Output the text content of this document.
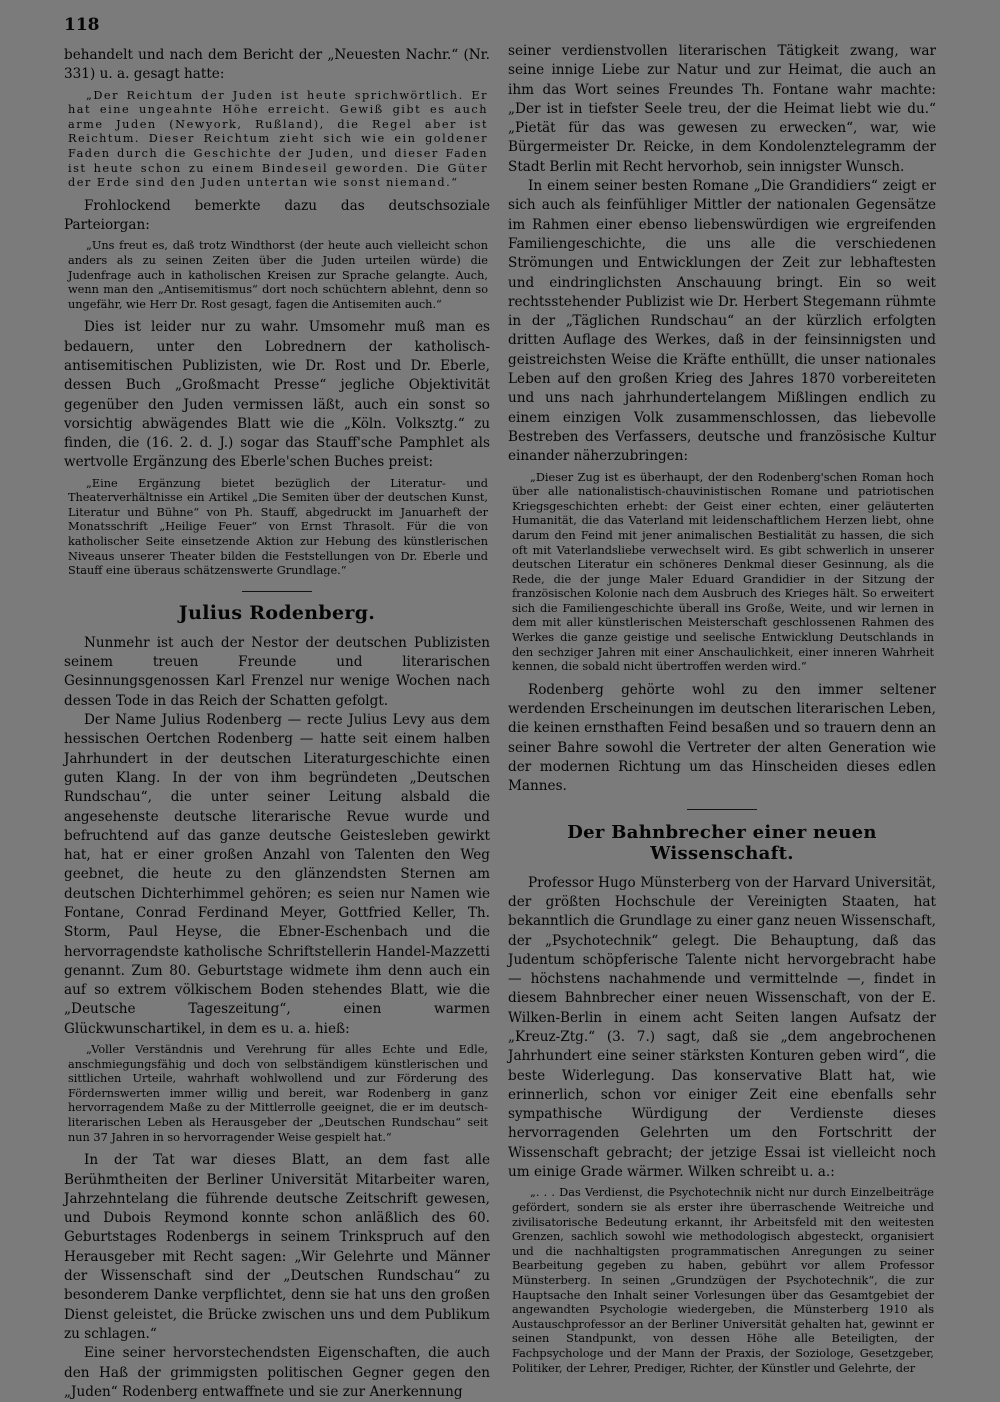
118

behandelt und nach dem Bericht der „Neuesten Nachr.“ (Nr. 331) u. a. gesagt hatte:

„Der Reichtum der Juden ist heute sprichwörtlich. Er hat eine ungeahnte Höhe erreicht. Gewiß gibt es auch arme Juden (Newyork, Rußland), die Regel aber ist Reichtum. Dieser Reichtum zieht sich wie ein goldener Faden durch die Geschichte der Juden, und dieser Faden ist heute schon zu einem Bindeseil geworden. Die Güter der Erde sind den Juden untertan wie sonst niemand.“

Frohlockend bemerkte dazu das deutschsoziale Parteiorgan:

„Uns freut es, daß trotz Windthorst (der heute auch vielleicht schon anders als zu seinen Zeiten über die Juden urteilen würde) die Judenfrage auch in katholischen Kreisen zur Sprache gelangte. Auch, wenn man den „Antisemitismus“ dort noch schüchtern ablehnt, denn so ungefähr, wie Herr Dr. Rost gesagt, fagen die Antisemiten auch.“

Dies ist leider nur zu wahr. Umsomehr muß man es bedauern, unter den Lobrednern der katholisch-antisemitischen Publizisten, wie Dr. Rost und Dr. Eberle, dessen Buch „Großmacht Presse“ jegliche Objektivität gegenüber den Juden vermissen läßt, auch ein sonst so vorsichtig abwägendes Blatt wie die „Köln. Volksztg.“ zu finden, die (16. 2. d. J.) sogar das Stauff'sche Pamphlet als wertvolle Ergänzung des Eberle'schen Buches preist:

„Eine Ergänzung bietet bezüglich der Literatur- und Theaterverhältnisse ein Artikel „Die Semiten über der deutschen Kunst, Literatur und Bühne“ von Ph. Stauff, abgedruckt im Januarheft der Monatsschrift „Heilige Feuer“ von Ernst Thrasolt. Für die von katholischer Seite einsetzende Aktion zur Hebung des künstlerischen Niveaus unserer Theater bilden die Feststellungen von Dr. Eberle und Stauff eine überaus schätzenswerte Grundlage.“

Julius Rodenberg.

Nunmehr ist auch der Nestor der deutschen Publizisten seinem treuen Freunde und literarischen Gesinnungsgenossen Karl Frenzel nur wenige Wochen nach dessen Tode in das Reich der Schatten gefolgt.

Der Name Julius Rodenberg — recte Julius Levy aus dem hessischen Oertchen Rodenberg — hatte seit einem halben Jahrhundert in der deutschen Literaturgeschichte einen guten Klang. In der von ihm begründeten „Deutschen Rundschau“, die unter seiner Leitung alsbald die angesehenste deutsche literarische Revue wurde und befruchtend auf das ganze deutsche Geistesleben gewirkt hat, hat er einer großen Anzahl von Talenten den Weg geebnet, die heute zu den glänzendsten Sternen am deutschen Dichterhimmel gehören; es seien nur Namen wie Fontane, Conrad Ferdinand Meyer, Gottfried Keller, Th. Storm, Paul Heyse, die Ebner-Eschenbach und die hervorragendste katholische Schriftstellerin Handel-Mazzetti genannt. Zum 80. Geburtstage widmete ihm denn auch ein auf so extrem völkischem Boden stehendes Blatt, wie die „Deutsche Tageszeitung“, einen warmen Glückwunschartikel, in dem es u. a. hieß:

„Voller Verständnis und Verehrung für alles Echte und Edle, anschmiegungsfähig und doch von selbständigem künstlerischen und sittlichen Urteile, wahrhaft wohlwollend und zur Förderung des Fördernswerten immer willig und bereit, war Rodenberg in ganz hervorragendem Maße zu der Mittlerrolle geeignet, die er im deutsch-literarischen Leben als Herausgeber der „Deutschen Rundschau“ seit nun 37 Jahren in so hervorragender Weise gespielt hat.“

In der Tat war dieses Blatt, an dem fast alle Berühmtheiten der Berliner Universität Mitarbeiter waren, Jahrzehntelang die führende deutsche Zeitschrift gewesen, und Dubois Reymond konnte schon anläßlich des 60. Geburtstages Rodenbergs in seinem Trinkspruch auf den Herausgeber mit Recht sagen: „Wir Gelehrte und Männer der Wissenschaft sind der „Deutschen Rundschau“ zu besonderem Danke verpflichtet, denn sie hat uns den großen Dienst geleistet, die Brücke zwischen uns und dem Publikum zu schlagen.“

Eine seiner hervorstechendsten Eigenschaften, die auch den Haß der grimmigsten politischen Gegner gegen den „Juden“ Rodenberg entwaffnete und sie zur Anerkennung

seiner verdienstvollen literarischen Tätigkeit zwang, war seine innige Liebe zur Natur und zur Heimat, die auch an ihm das Wort seines Freundes Th. Fontane wahr machte: „Der ist in tiefster Seele treu, der die Heimat liebt wie du.“ „Pietät für das was gewesen zu erwecken“, war, wie Bürgermeister Dr. Reicke, in dem Kondolenztelegramm der Stadt Berlin mit Recht hervorhob, sein innigster Wunsch.

In einem seiner besten Romane „Die Grandidiers“ zeigt er sich auch als feinfühliger Mittler der nationalen Gegensätze im Rahmen einer ebenso liebenswürdigen wie ergreifenden Familiengeschichte, die uns alle die verschiedenen Strömungen und Entwicklungen der Zeit zur lebhaftesten und eindringlichsten Anschauung bringt. Ein so weit rechtsstehender Publizist wie Dr. Herbert Stegemann rühmte in der „Täglichen Rundschau“ an der kürzlich erfolgten dritten Auflage des Werkes, daß in der feinsinnigsten und geistreichsten Weise die Kräfte enthüllt, die unser nationales Leben auf den großen Krieg des Jahres 1870 vorbereiteten und uns nach jahrhundertelangem Mißlingen endlich zu einem einzigen Volk zusammenschlossen, das liebevolle Bestreben des Verfassers, deutsche und französische Kultur einander näherzubringen:

„Dieser Zug ist es überhaupt, der den Rodenberg'schen Roman hoch über alle nationalistisch-chauvinistischen Romane und patriotischen Kriegsgeschichten erhebt: der Geist einer echten, einer geläuterten Humanität, die das Vaterland mit leidenschaftlichem Herzen liebt, ohne darum den Feind mit jener animalischen Bestialität zu hassen, die sich oft mit Vaterlandsliebe verwechselt wird. Es gibt schwerlich in unserer deutschen Literatur ein schöneres Denkmal dieser Gesinnung, als die Rede, die der junge Maler Eduard Grandidier in der Sitzung der französischen Kolonie nach dem Ausbruch des Krieges hält. So erweitert sich die Familiengeschichte überall ins Große, Weite, und wir lernen in dem mit aller künstlerischen Meisterschaft geschlossenen Rahmen des Werkes die ganze geistige und seelische Entwicklung Deutschlands in den sechziger Jahren mit einer Anschaulichkeit, einer inneren Wahrheit kennen, die sobald nicht übertroffen werden wird.“

Rodenberg gehörte wohl zu den immer seltener werdenden Erscheinungen im deutschen literarischen Leben, die keinen ernsthaften Feind besaßen und so trauern denn an seiner Bahre sowohl die Vertreter der alten Generation wie der modernen Richtung um das Hinscheiden dieses edlen Mannes.

Der Bahnbrecher einer neuen Wissenschaft.

Professor Hugo Münsterberg von der Harvard Universität, der größten Hochschule der Vereinigten Staaten, hat bekanntlich die Grundlage zu einer ganz neuen Wissenschaft, der „Psychotechnik“ gelegt. Die Behauptung, daß das Judentum schöpferische Talente nicht hervorgebracht habe — höchstens nachahmende und vermittelnde —, findet in diesem Bahnbrecher einer neuen Wissenschaft, von der E. Wilken-Berlin in einem acht Seiten langen Aufsatz der „Kreuz-Ztg.“ (3. 7.) sagt, daß sie „dem angebrochenen Jahrhundert eine seiner stärksten Konturen geben wird“, die beste Widerlegung. Das konservative Blatt hat, wie erinnerlich, schon vor einiger Zeit eine ebenfalls sehr sympathische Würdigung der Verdienste dieses hervorragenden Gelehrten um den Fortschritt der Wissenschaft gebracht; der jetzige Essai ist vielleicht noch um einige Grade wärmer. Wilken schreibt u. a.:

„. . . Das Verdienst, die Psychotechnik nicht nur durch Einzelbeiträge gefördert, sondern sie als erster ihre überraschende Weitreiche und zivilisatorische Bedeutung erkannt, ihr Arbeitsfeld mit den weitesten Grenzen, sachlich sowohl wie methodologisch abgesteckt, organisiert und die nachhaltigsten programmatischen Anregungen zu seiner Bearbeitung gegeben zu haben, gebührt vor allem Professor Münsterberg. In seinen „Grundzügen der Psychotechnik“, die zur Hauptsache den Inhalt seiner Vorlesungen über das Gesamtgebiet der angewandten Psychologie wiedergeben, die Münsterberg 1910 als Austauschprofessor an der Berliner Universität gehalten hat, gewinnt er seinen Standpunkt, von dessen Höhe alle Beteiligten, der Fachpsychologe und der Mann der Praxis, der Soziologe, Gesetzgeber, Politiker, der Lehrer, Prediger, Richter, der Künstler und Gelehrte, der
